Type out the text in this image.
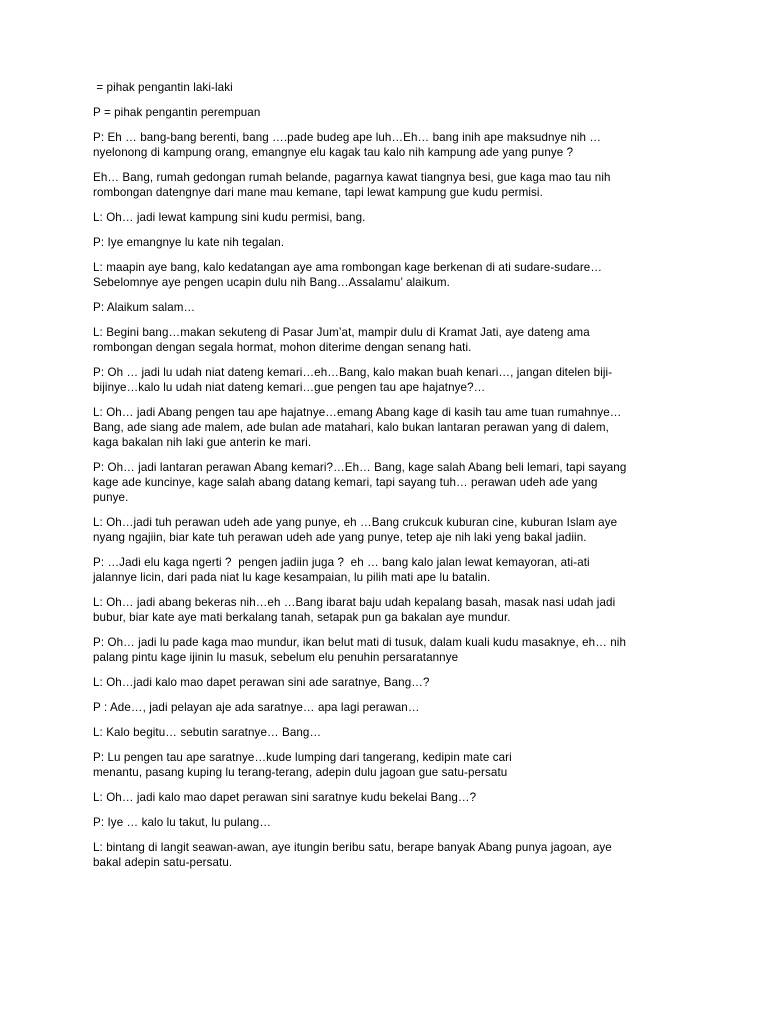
= pihak pengantin laki-laki

P = pihak pengantin perempuan

P: Eh … bang-bang berenti, bang ….pade budeg ape luh…Eh… bang inih ape maksudnye nih …
nyelonong di kampung orang, emangnye elu kagak tau kalo nih kampung ade yang punye ?

Eh… Bang, rumah gedongan rumah belande, pagarnya kawat tiangnya besi, gue kaga mao tau nih
rombongan datengnye dari mane mau kemane, tapi lewat kampung gue kudu permisi.

L: Oh… jadi lewat kampung sini kudu permisi, bang.

P: Iye emangnye lu kate nih tegalan.

L: maapin aye bang, kalo kedatangan aye ama rombongan kage berkenan di ati sudare-sudare…
Sebelomnye aye pengen ucapin dulu nih Bang…Assalamu’ alaikum.

P: Alaikum salam…

L: Begini bang…makan sekuteng di Pasar Jum’at, mampir dulu di Kramat Jati, aye dateng ama
rombongan dengan segala hormat, mohon diterime dengan senang hati.

P: Oh … jadi lu udah niat dateng kemari…eh…Bang, kalo makan buah kenari…, jangan ditelen biji-
bijinye…kalo lu udah niat dateng kemari…gue pengen tau ape hajatnye?…

L: Oh… jadi Abang pengen tau ape hajatnye…emang Abang kage di kasih tau ame tuan rumahnye…
Bang, ade siang ade malem, ade bulan ade matahari, kalo bukan lantaran perawan yang di dalem,
kaga bakalan nih laki gue anterin ke mari.

P: Oh… jadi lantaran perawan Abang kemari?…Eh… Bang, kage salah Abang beli lemari, tapi sayang
kage ade kuncinye, kage salah abang datang kemari, tapi sayang tuh… perawan udeh ade yang
punye.

L: Oh…jadi tuh perawan udeh ade yang punye, eh …Bang crukcuk kuburan cine, kuburan Islam aye
nyang ngajiin, biar kate tuh perawan udeh ade yang punye, tetep aje nih laki yeng bakal jadiin.

P: …Jadi elu kaga ngerti ?  pengen jadiin juga ?  eh … bang kalo jalan lewat kemayoran, ati-ati
jalannye licin, dari pada niat lu kage kesampaian, lu pilih mati ape lu batalin.

L: Oh… jadi abang bekeras nih…eh …Bang ibarat baju udah kepalang basah, masak nasi udah jadi
bubur, biar kate aye mati berkalang tanah, setapak pun ga bakalan aye mundur.

P: Oh… jadi lu pade kaga mao mundur, ikan belut mati di tusuk, dalam kuali kudu masaknye, eh… nih
palang pintu kage ijinin lu masuk, sebelum elu penuhin persaratannye

L: Oh…jadi kalo mao dapet perawan sini ade saratnye, Bang…?

P : Ade…, jadi pelayan aje ada saratnye… apa lagi perawan…

L: Kalo begitu… sebutin saratnye… Bang…

P: Lu pengen tau ape saratnye…kude lumping dari tangerang, kedipin mate cari
menantu, pasang kuping lu terang-terang, adepin dulu jagoan gue satu-persatu

L: Oh… jadi kalo mao dapet perawan sini saratnye kudu bekelai Bang…?

P: Iye … kalo lu takut, lu pulang…

L: bintang di langit seawan-awan, aye itungin beribu satu, berape banyak Abang punya jagoan, aye
bakal adepin satu-persatu.
